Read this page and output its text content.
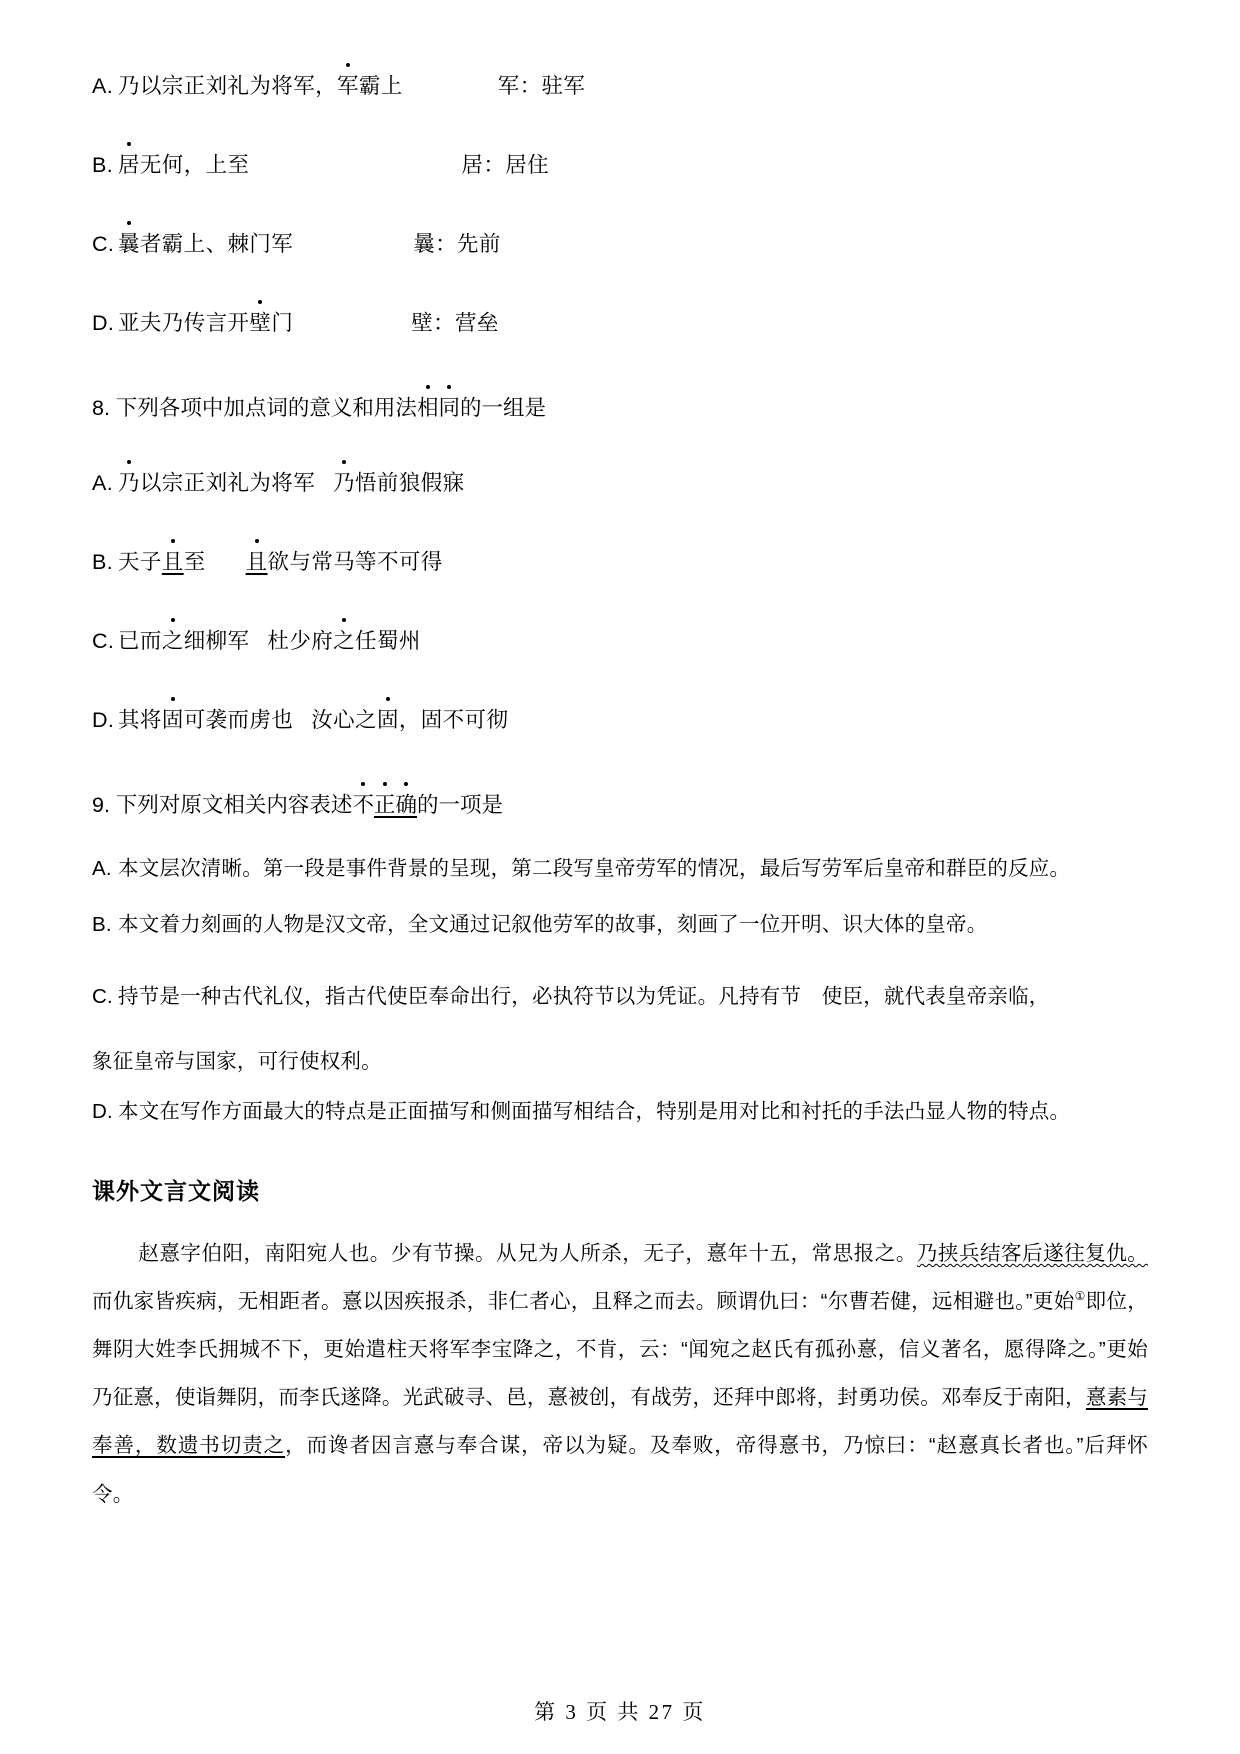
A. 乃以宗正刘礼为将军，军霸上	军：驻军
B. 居无何，上至	居：居住
C. 曩者霸上、棘门军	曩：先前
D. 亚夫乃传言开壁门	壁：营垒
8. 下列各项中加点词的意义和用法相同的一组是
A. 乃以宗正刘礼为将军 乃悟前狼假寐
B. 天子且至 且欲与常马等不可得
C. 已而之细柳军 杜少府之任蜀州
D. 其将固可袭而虏也 汝心之固，固不可彻
9. 下列对原文相关内容表述不正确的一项是
A. 本文层次清晰。第一段是事件背景的呈现，第二段写皇帝劳军的情况，最后写劳军后皇帝和群臣的反应。
B. 本文着力刻画的人物是汉文帝，全文通过记叙他劳军的故事，刻画了一位开明、识大体的皇帝。
C. 持节是一种古代礼仪，指古代使臣奉命出行，必执符节以为凭证。凡持有节　使臣，就代表皇帝亲临，
象征皇帝与国家，可行使权利。
D. 本文在写作方面最大的特点是正面描写和侧面描写相结合，特别是用对比和衬托的手法凸显人物的特点。
课外文言文阅读
赵憙字伯阳，南阳宛人也。少有节操。从兄为人所杀，无子，憙年十五，常思报之。乃挟兵结客后遂往复仇。而仇家皆疾病，无相距者。憙以因疾报杀，非仁者心，且释之而去。顾谓仇曰：“尔曹若健，远相避也。”更始①即位，舞阴大姓李氏拥城不下，更始遣柱天将军李宝降之，不肯，云：“闻宛之赵氏有孤孙憙，信义著名，愿得降之。”更始乃征憙，使诣舞阴，而李氏遂降。光武破寻、邑，憙被创，有战劳，还拜中郎将，封勇功侯。邓奉反于南阳，憙素与奉善，数遗书切责之，而谗者因言憙与奉合谋，帝以为疑。及奉败，帝得憙书，乃惊曰：“赵憙真长者也。”后拜怀令。
第 3 页 共 27 页
